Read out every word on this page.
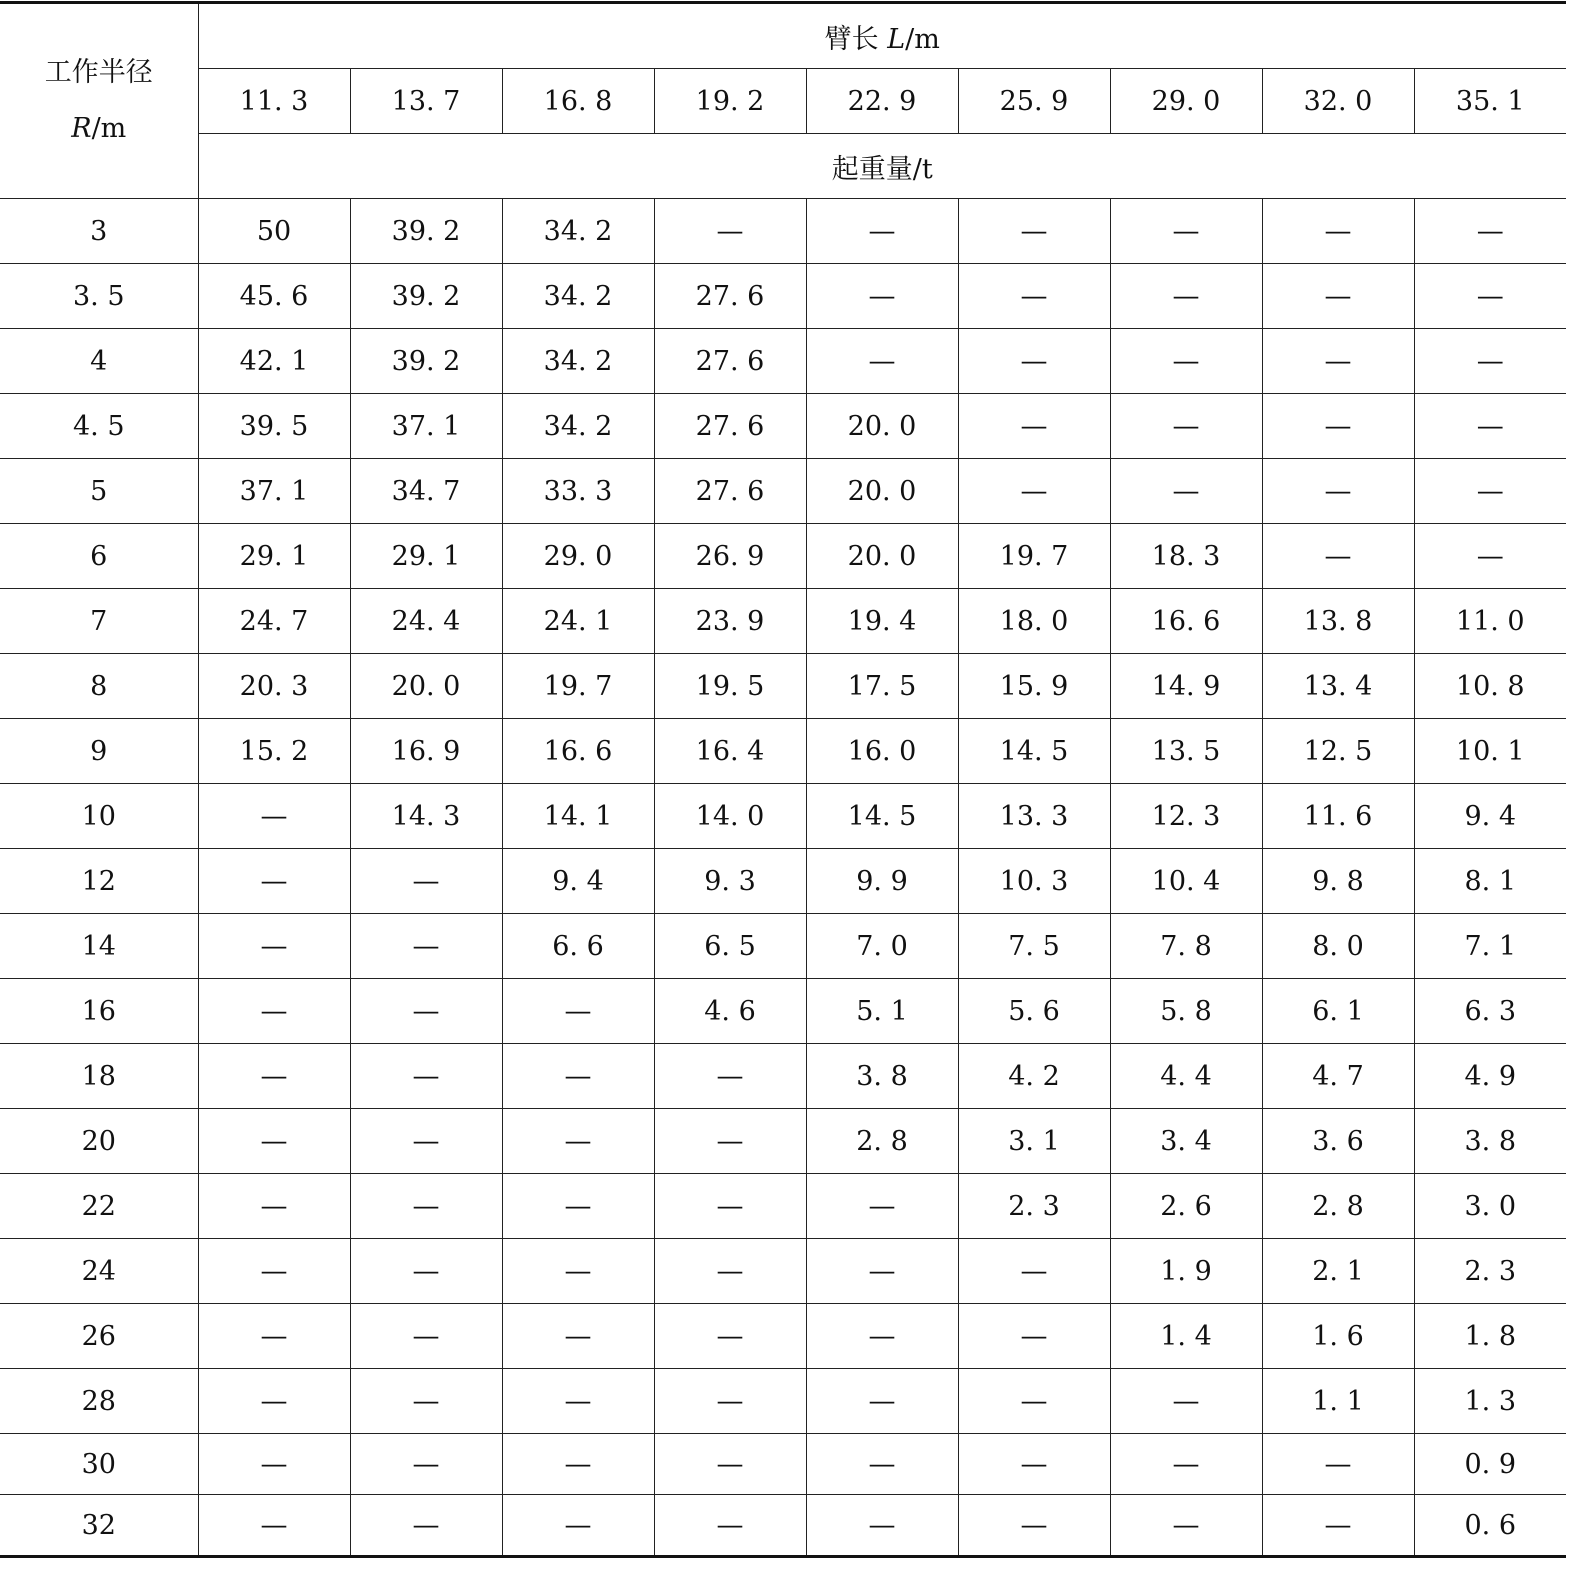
工作半径
R/m	臂长 L/m								
	11. 3	13. 7	16. 8	19. 2	22. 9	25. 9	29. 0	32. 0	35. 1
	起重量/t								
3	50	39. 2	34. 2	—	—	—	—	—	—
3. 5	45. 6	39. 2	34. 2	27. 6	—	—	—	—	—
4	42. 1	39. 2	34. 2	27. 6	—	—	—	—	—
4. 5	39. 5	37. 1	34. 2	27. 6	20. 0	—	—	—	—
5	37. 1	34. 7	33. 3	27. 6	20. 0	—	—	—	—
6	29. 1	29. 1	29. 0	26. 9	20. 0	19. 7	18. 3	—	—
7	24. 7	24. 4	24. 1	23. 9	19. 4	18. 0	16. 6	13. 8	11. 0
8	20. 3	20. 0	19. 7	19. 5	17. 5	15. 9	14. 9	13. 4	10. 8
9	15. 2	16. 9	16. 6	16. 4	16. 0	14. 5	13. 5	12. 5	10. 1
10	—	14. 3	14. 1	14. 0	14. 5	13. 3	12. 3	11. 6	9. 4
12	—	—	9. 4	9. 3	9. 9	10. 3	10. 4	9. 8	8. 1
14	—	—	6. 6	6. 5	7. 0	7. 5	7. 8	8. 0	7. 1
16	—	—	—	4. 6	5. 1	5. 6	5. 8	6. 1	6. 3
18	—	—	—	—	3. 8	4. 2	4. 4	4. 7	4. 9
20	—	—	—	—	2. 8	3. 1	3. 4	3. 6	3. 8
22	—	—	—	—	—	2. 3	2. 6	2. 8	3. 0
24	—	—	—	—	—	—	1. 9	2. 1	2. 3
26	—	—	—	—	—	—	1. 4	1. 6	1. 8
28	—	—	—	—	—	—	—	1. 1	1. 3
30	—	—	—	—	—	—	—	—	0. 9
32	—	—	—	—	—	—	—	—	0. 6
